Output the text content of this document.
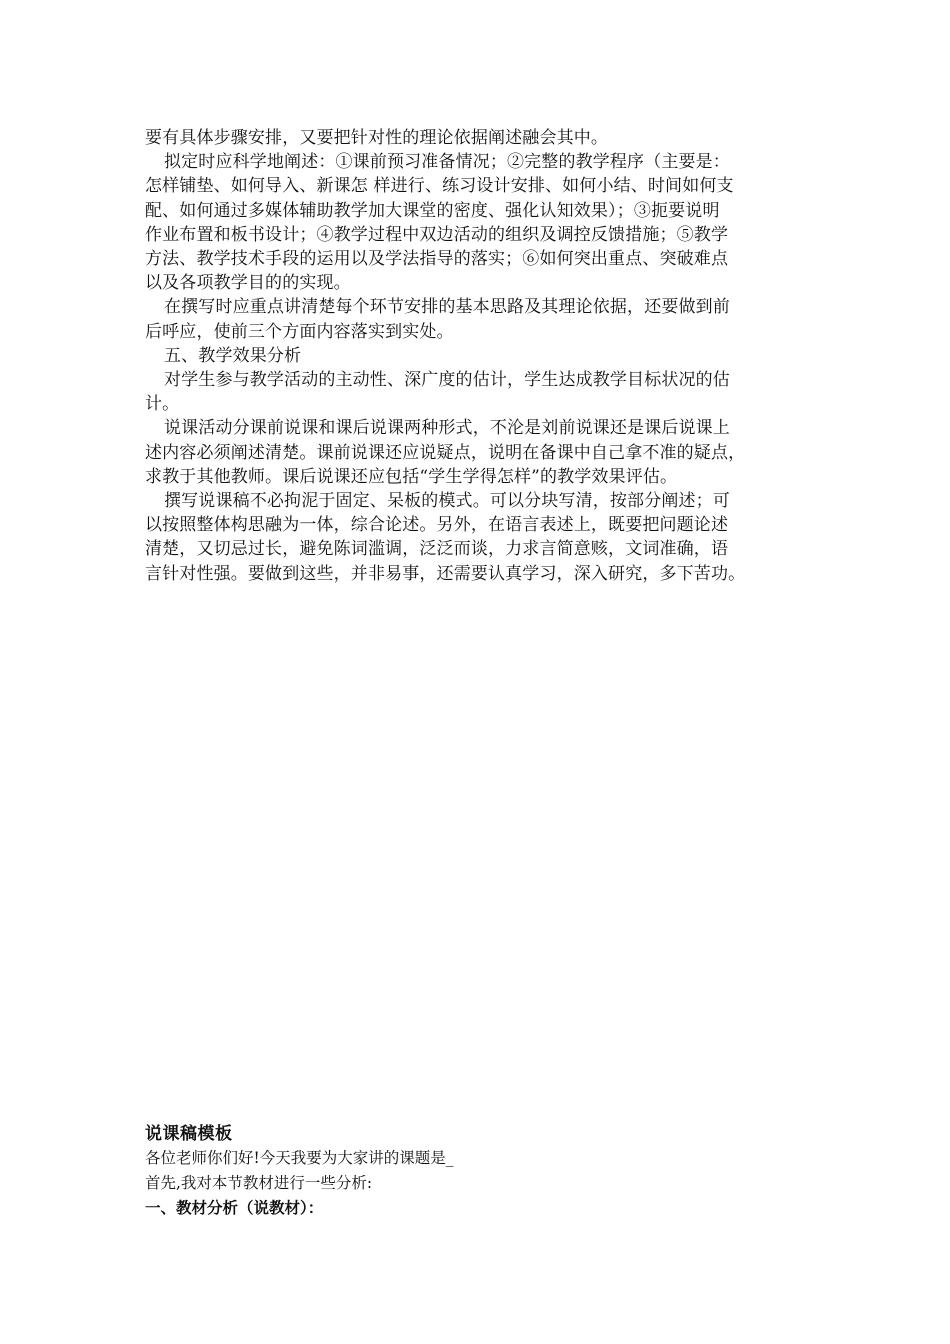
要有具体步骤安排，又要把针对性的理论依据阐述融会其中。
拟定时应科学地阐述：①课前预习准备情况；②完整的教学程序（主要是：
怎样铺垫、如何导入、新课怎 样进行、练习设计安排、如何小结、时间如何支
配、如何通过多媒体辅助教学加大课堂的密度、强化认知效果）；③扼要说明
作业布置和板书设计；④教学过程中双边活动的组织及调控反馈措施；⑤教学
方法、教学技术手段的运用以及学法指导的落实；⑥如何突出重点、突破难点
以及各项教学目的的实现。
在撰写时应重点讲清楚每个环节安排的基本思路及其理论依据，还要做到前
后呼应，使前三个方面内容落实到实处。
五、教学效果分析
对学生参与教学活动的主动性、深广度的估计，学生达成教学目标状况的估
计。
说课活动分课前说课和课后说课两种形式，不沦是刘前说课还是课后说课上
述内容必须阐述清楚。课前说课还应说疑点，说明在备课中自己拿不准的疑点，
求教于其他教师。课后说课还应包括“学生学得怎样”的教学效果评估。
撰写说课稿不必拘泥于固定、呆板的模式。可以分块写清，按部分阐述；可
以按照整体构思融为一体，综合论述。另外，在语言表述上，既要把问题论述
清楚，又切忌过长，避免陈词滥调，泛泛而谈，力求言简意赅，文词准确，语
言针对性强。要做到这些，并非易事，还需要认真学习，深入研究，多下苦功。
说课稿模板
各位老师你们好!今天我要为大家讲的课题是_
首先,我对本节教材进行一些分析:
一、教材分析（说教材）：
